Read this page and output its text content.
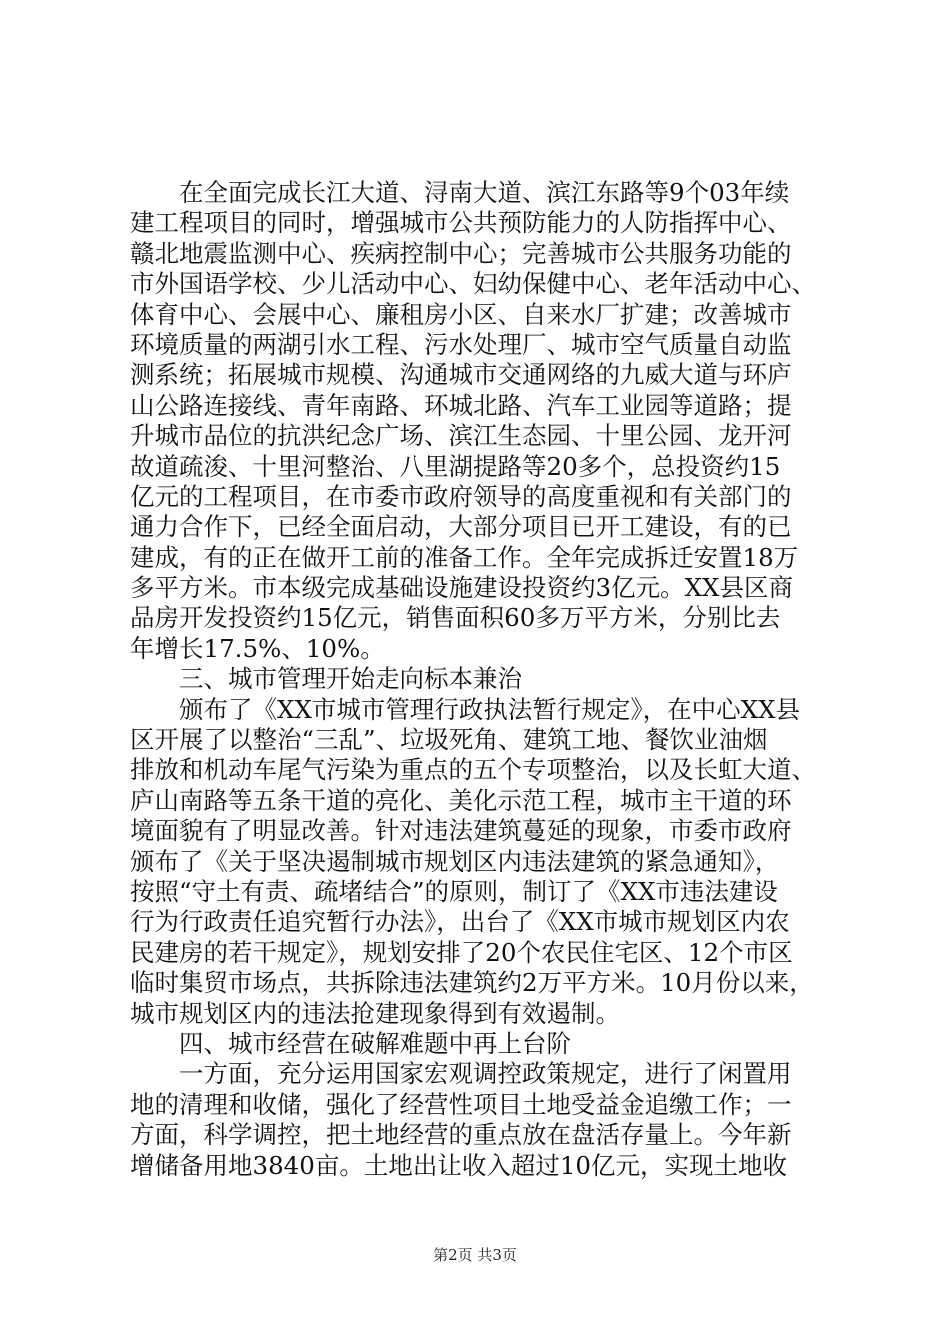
　　在全面完成长江大道、浔南大道、滨江东路等9个03年续
建工程项目的同时，增强城市公共预防能力的人防指挥中心、
赣北地震监测中心、疾病控制中心；完善城市公共服务功能的
市外国语学校、少儿活动中心、妇幼保健中心、老年活动中心、
体育中心、会展中心、廉租房小区、自来水厂扩建；改善城市
环境质量的两湖引水工程、污水处理厂、城市空气质量自动监
测系统；拓展城市规模、沟通城市交通网络的九威大道与环庐
山公路连接线、青年南路、环城北路、汽车工业园等道路；提
升城市品位的抗洪纪念广场、滨江生态园、十里公园、龙开河
故道疏浚、十里河整治、八里湖提路等20多个，总投资约15
亿元的工程项目，在市委市政府领导的高度重视和有关部门的
通力合作下，已经全面启动，大部分项目已开工建设，有的已
建成，有的正在做开工前的准备工作。全年完成拆迁安置18万
多平方米。市本级完成基础设施建设投资约3亿元。XX县区商
品房开发投资约15亿元，销售面积60多万平方米，分别比去
年增长17.5%、10%。
　　三、城市管理开始走向标本兼治
　　颁布了《XX市城市管理行政执法暂行规定》，在中心XX县
区开展了以整治“三乱”、垃圾死角、建筑工地、餐饮业油烟
排放和机动车尾气污染为重点的五个专项整治，以及长虹大道、
庐山南路等五条干道的亮化、美化示范工程，城市主干道的环
境面貌有了明显改善。针对违法建筑蔓延的现象，市委市政府
颁布了《关于坚决遏制城市规划区内违法建筑的紧急通知》，
按照“守土有责、疏堵结合”的原则，制订了《XX市违法建设
行为行政责任追究暂行办法》，出台了《XX市城市规划区内农
民建房的若干规定》，规划安排了20个农民住宅区、12个市区
临时集贸市场点，共拆除违法建筑约2万平方米。10月份以来，
城市规划区内的违法抢建现象得到有效遏制。
　　四、城市经营在破解难题中再上台阶
　　一方面，充分运用国家宏观调控政策规定，进行了闲置用
地的清理和收储，强化了经营性项目土地受益金追缴工作；一
方面，科学调控，把土地经营的重点放在盘活存量上。今年新
增储备用地3840亩。土地出让收入超过10亿元，实现土地收
第2页 共3页
